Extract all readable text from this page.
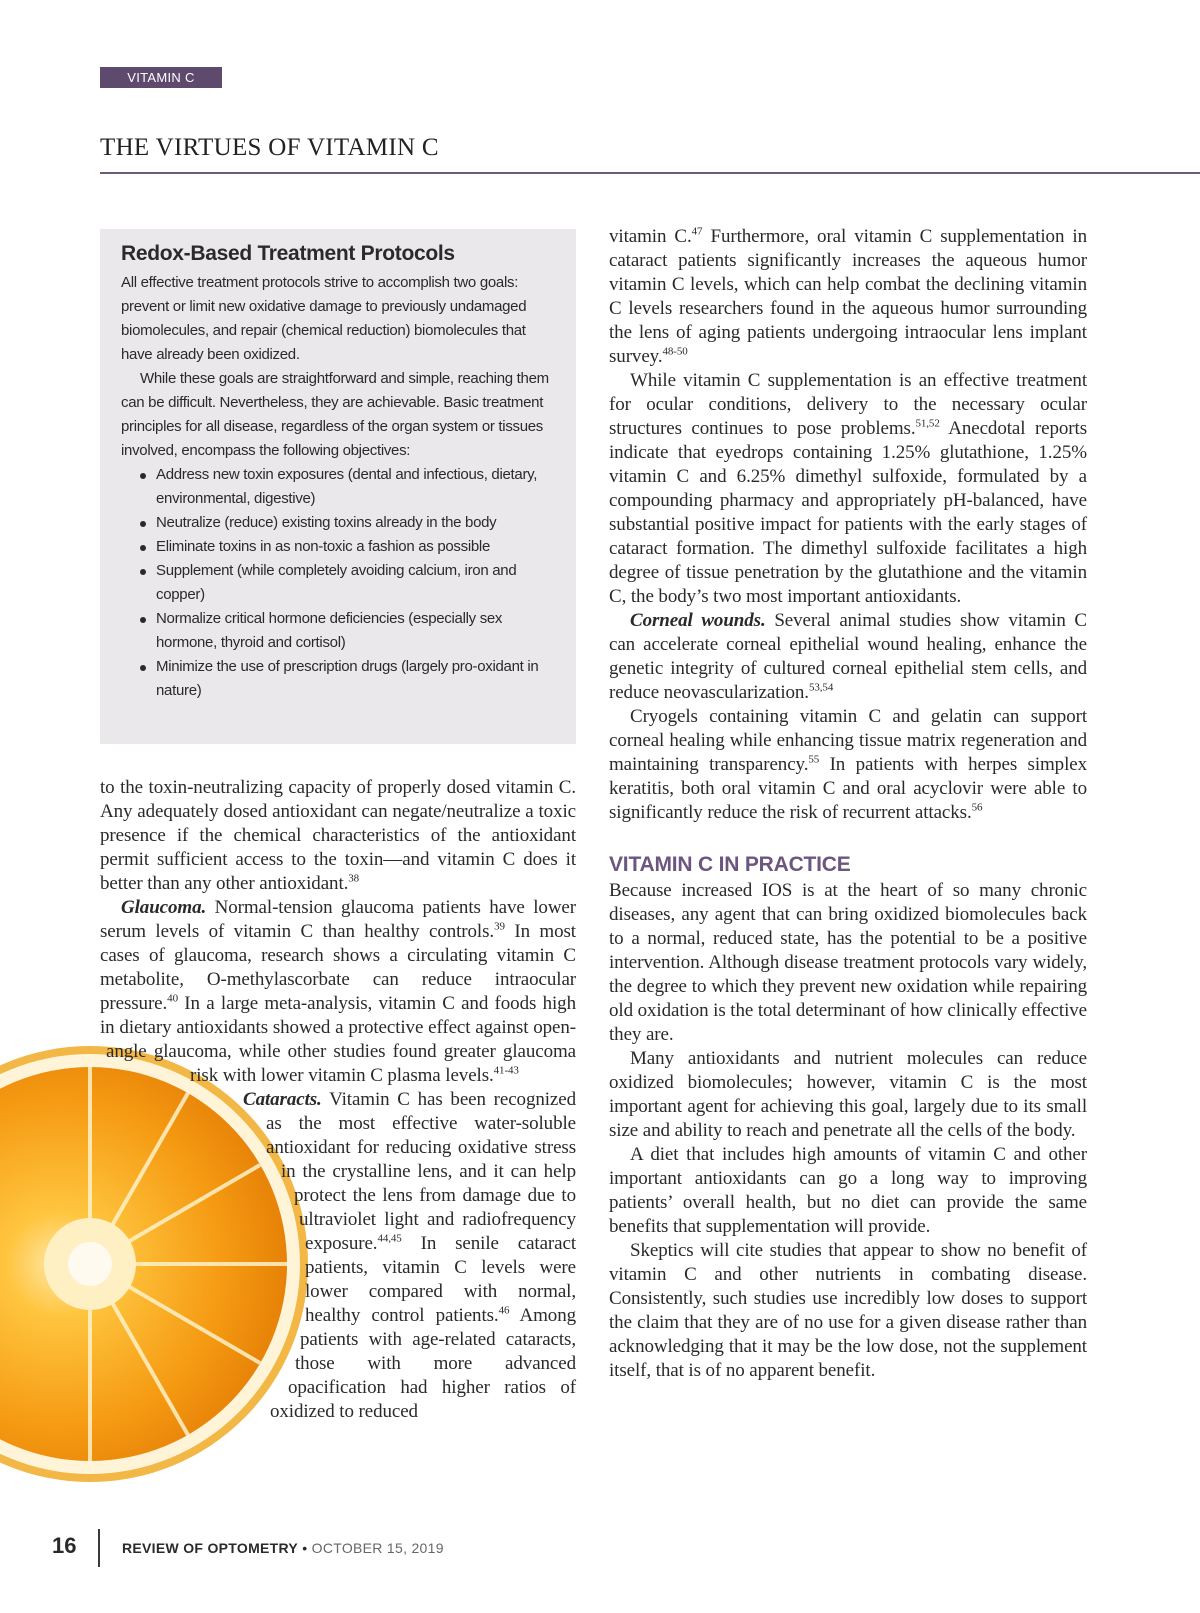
VITAMIN C
THE VIRTUES OF VITAMIN C
Redox-Based Treatment Protocols

All effective treatment protocols strive to accomplish two goals: prevent or limit new oxidative damage to previously undamaged biomolecules, and repair (chemical reduction) biomolecules that have already been oxidized.

While these goals are straightforward and simple, reaching them can be difficult. Nevertheless, they are achievable. Basic treatment principles for all disease, regardless of the organ system or tissues involved, encompass the following objectives:

Address new toxin exposures (dental and infectious, dietary, environmental, digestive)
Neutralize (reduce) existing toxins already in the body
Eliminate toxins in as non-toxic a fashion as possible
Supplement (while completely avoiding calcium, iron and copper)
Normalize critical hormone deficiencies (especially sex hormone, thyroid and cortisol)
Minimize the use of prescription drugs (largely pro-oxidant in nature)

to the toxin-neutralizing capacity of properly dosed vitamin C. Any adequately dosed antioxidant can negate/neutralize a toxic presence if the chemical characteristics of the antioxidant permit sufficient access to the toxin—and vitamin C does it better than any other antioxidant.$^{38}$

Glaucoma. Normal-tension glaucoma patients have lower serum levels of vitamin C than healthy controls.$^{39}$ In most cases of glaucoma, research shows a circulating vitamin C metabolite, O-methylascorbate can reduce intraocular pressure.$^{40}$ In a large meta-analysis, vitamin C and foods high in dietary antioxidants showed a protective effect against open-angle glaucoma, while other studies found greater glaucoma risk with lower vitamin C plasma levels.$^{41-43}$

Cataracts. Vitamin C has been recognized as the most effective water-soluble antioxidant for reducing oxidative stress in the crystalline lens, and it can help protect the lens from damage due to ultraviolet light and radiofrequency exposure.$^{44,45}$ In senile cataract patients, vitamin C levels were lower compared with normal, healthy control patients.$^{46}$ Among patients with age-related cataracts, those with more advanced opacification had higher ratios of oxidized to reduced

vitamin C.$^{47}$ Furthermore, oral vitamin C supplementation in cataract patients significantly increases the aqueous humor vitamin C levels, which can help combat the declining vitamin C levels researchers found in the aqueous humor surrounding the lens of aging patients undergoing intraocular lens implant survey.$^{48-50}$

While vitamin C supplementation is an effective treatment for ocular conditions, delivery to the necessary ocular structures continues to pose problems.$^{51,52}$ Anecdotal reports indicate that eyedrops containing 1.25% glutathione, 1.25% vitamin C and 6.25% dimethyl sulfoxide, formulated by a compounding pharmacy and appropriately pH-balanced, have substantial positive impact for patients with the early stages of cataract formation. The dimethyl sulfoxide facilitates a high degree of tissue penetration by the glutathione and the vitamin C, the body’s two most important antioxidants.

Corneal wounds. Several animal studies show vitamin C can accelerate corneal epithelial wound healing, enhance the genetic integrity of cultured corneal epithelial stem cells, and reduce neovascularization.$^{53,54}$

Cryogels containing vitamin C and gelatin can support corneal healing while enhancing tissue matrix regeneration and maintaining transparency.$^{55}$ In patients with herpes simplex keratitis, both oral vitamin C and oral acyclovir were able to significantly reduce the risk of recurrent attacks.$^{56}$

VITAMIN C IN PRACTICE

Because increased IOS is at the heart of so many chronic diseases, any agent that can bring oxidized biomolecules back to a normal, reduced state, has the potential to be a positive intervention. Although disease treatment protocols vary widely, the degree to which they prevent new oxidation while repairing old oxidation is the total determinant of how clinically effective they are.

Many antioxidants and nutrient molecules can reduce oxidized biomolecules; however, vitamin C is the most important agent for achieving this goal, largely due to its small size and ability to reach and penetrate all the cells of the body.

A diet that includes high amounts of vitamin C and other important antioxidants can go a long way to improving patients’ overall health, but no diet can provide the same benefits that supplementation will provide.

Skeptics will cite studies that appear to show no benefit of vitamin C and other nutrients in combating disease. Consistently, such studies use incredibly low doses to support the claim that they are of no use for a given disease rather than acknowledging that it may be the low dose, not the supplement itself, that is of no apparent benefit.

16	REVIEW OF OPTOMETRY • OCTOBER 15, 2019
